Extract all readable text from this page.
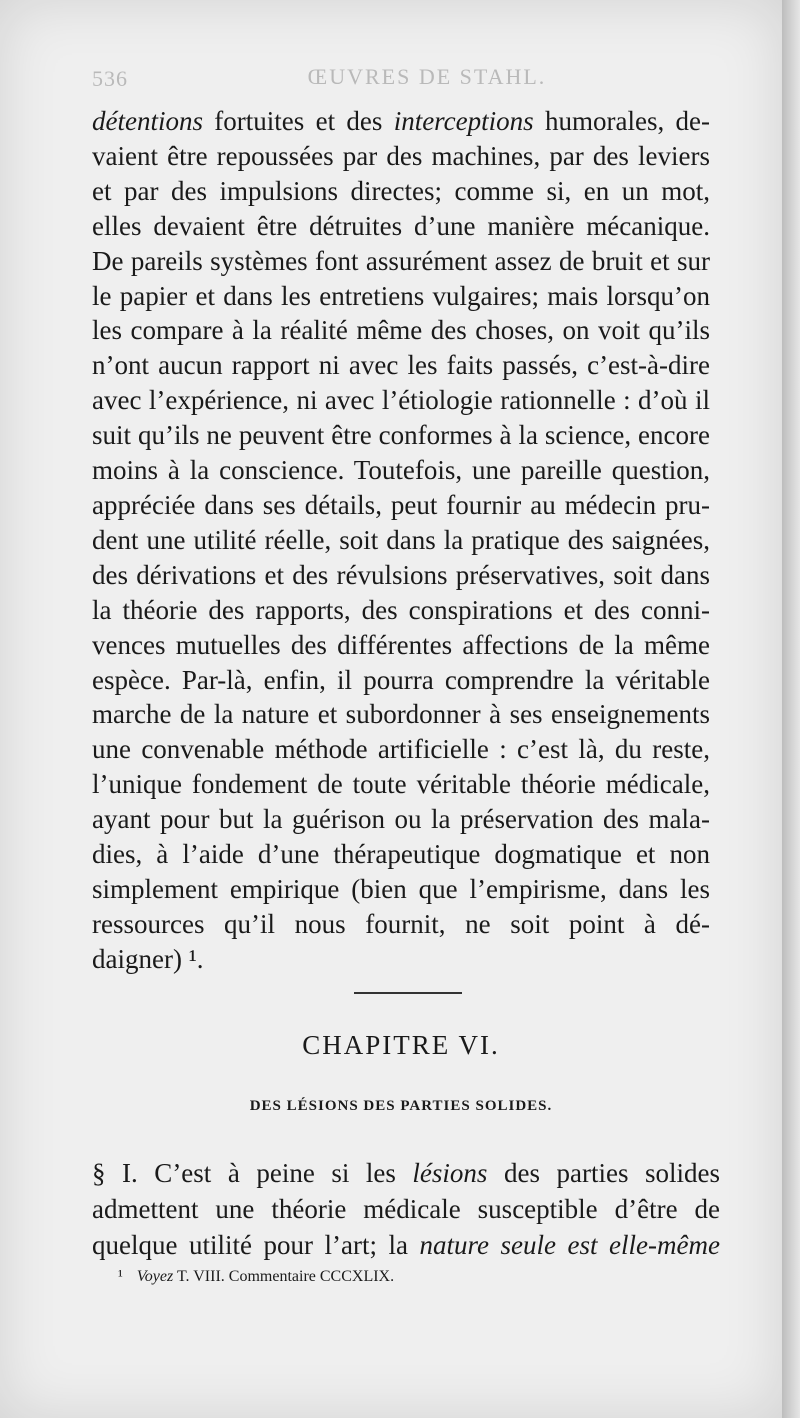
536	ŒUVRES DE STAHL.
détentions fortuites et des interceptions humorales, de-
vaient être repoussées par des machines, par des leviers
et par des impulsions directes; comme si, en un mot,
elles devaient être détruites d’une manière mécanique.
De pareils systèmes font assurément assez de bruit et sur
le papier et dans les entretiens vulgaires; mais lorsqu’on
les compare à la réalité même des choses, on voit qu’ils
n’ont aucun rapport ni avec les faits passés, c’est-à-dire
avec l’expérience, ni avec l’étiologie rationnelle : d’où il
suit qu’ils ne peuvent être conformes à la science, encore
moins à la conscience. Toutefois, une pareille question,
appréciée dans ses détails, peut fournir au médecin pru-
dent une utilité réelle, soit dans la pratique des saignées,
des dérivations et des révulsions préservatives, soit dans
la théorie des rapports, des conspirations et des conni-
vences mutuelles des différentes affections de la même
espèce. Par-là, enfin, il pourra comprendre la véritable
marche de la nature et subordonner à ses enseignements
une convenable méthode artificielle : c’est là, du reste,
l’unique fondement de toute véritable théorie médicale,
ayant pour but la guérison ou la préservation des mala-
dies, à l’aide d’une thérapeutique dogmatique et non
simplement empirique (bien que l’empirisme, dans les
ressources qu’il nous fournit, ne soit point à dé-
daigner) ¹.
CHAPITRE VI.
DES LÉSIONS DES PARTIES SOLIDES.
§ I. C’est à peine si les lésions des parties solides
admettent une théorie médicale susceptible d’être de
quelque utilité pour l’art; la nature seule est elle-même
¹ Voyez T. VIII. Commentaire CCCXLIX.
